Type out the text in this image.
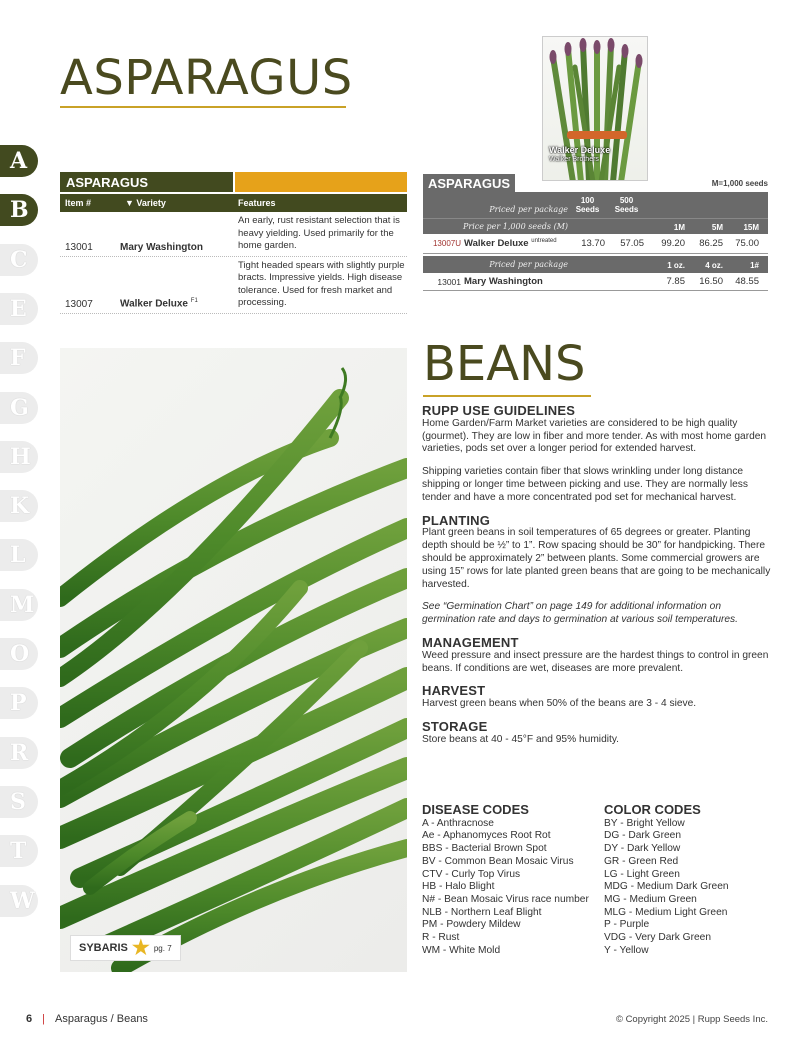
ASPARAGUS
A
B
C
E
F
G
H
K
L
M
O
P
R
S
T
W
Walker Deluxe
Walker Brothers
ASPARAGUS
Item #	▼ Variety	Features
13001	Mary Washington
An early, rust resistant selection that is heavy yielding. Used primarily for the home garden.
13007	Walker Deluxe $^{F1}$
Tight headed spears with slightly purple bracts. Impressive yields. High disease tolerance. Used for fresh market and processing.
ASPARAGUS	M=1,000 seeds
Priced per package
100
Seeds
500
Seeds
Price per 1,000 seeds (M)	1M	5M	15M
13007U Walker Deluxe $^{untreated}$	13.70	57.05	99.20	86.25	75.00
Priced per package	1 oz.	4 oz.	1#
13001 Mary Washington	7.85	16.50	48.55
SYBARIS ★ pg. 7
BEANS
RUPP USE GUIDELINES

Home Garden/Farm Market varieties are considered to be high quality (gourmet). They are low in fiber and more tender. As with most home garden varieties, pods set over a longer period for extended harvest.

Shipping varieties contain fiber that slows wrinkling under long distance shipping or longer time between picking and use. They are normally less tender and have a more concentrated pod set for mechanical harvest.

PLANTING

Plant green beans in soil temperatures of 65 degrees or greater. Planting depth should be ½” to 1”. Row spacing should be 30” for handpicking. There should be approximately 2” between plants. Some commercial growers are using 15” rows for late planted green beans that are going to be mechanically harvested.

See “Germination Chart” on page 149 for additional information on germination rate and days to germination at various soil temperatures.

MANAGEMENT

Weed pressure and insect pressure are the hardest things to control in green beans. If conditions are wet, diseases are more prevalent.

HARVEST

Harvest green beans when 50% of the beans are 3 - 4 sieve.

STORAGE

Store beans at 40 - 45°F and 95% humidity.

DISEASE CODES
A - Anthracnose
Ae - Aphanomyces Root Rot
BBS - Bacterial Brown Spot
BV - Common Bean Mosaic Virus
CTV - Curly Top Virus
HB - Halo Blight
N# - Bean Mosaic Virus race number
NLB - Northern Leaf Blight
PM - Powdery Mildew
R - Rust
WM - White Mold
COLOR CODES
BY - Bright Yellow
DG - Dark Green
DY - Dark Yellow
GR - Green Red
LG - Light Green
MDG - Medium Dark Green
MG - Medium Green
MLG - Medium Light Green
P - Purple
VDG - Very Dark Green
Y - Yellow
6 | Asparagus / Beans	© Copyright 2025 | Rupp Seeds Inc.
